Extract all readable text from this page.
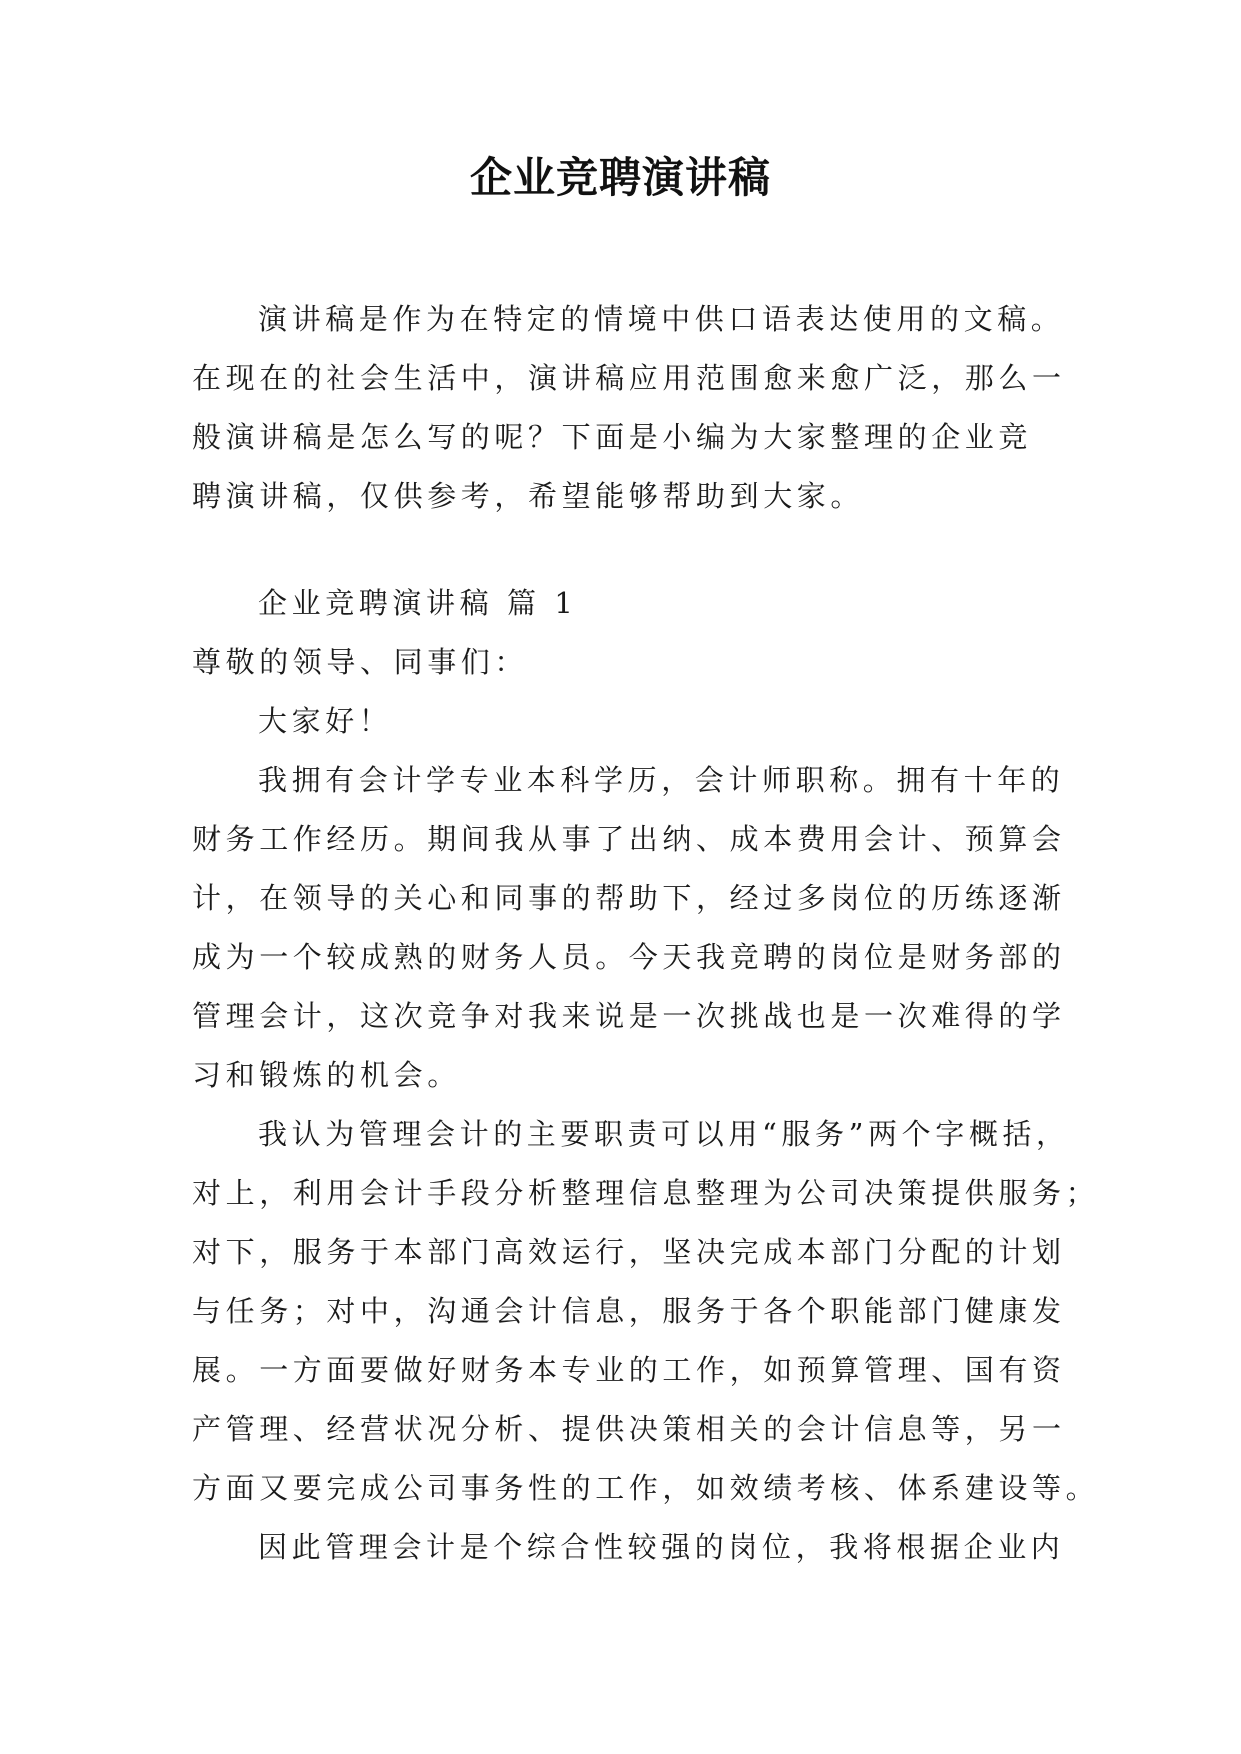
企业竞聘演讲稿
演讲稿是作为在特定的情境中供口语表达使用的文稿。
在现在的社会生活中，演讲稿应用范围愈来愈广泛，那么一
般演讲稿是怎么写的呢？下面是小编为大家整理的企业竞
聘演讲稿，仅供参考，希望能够帮助到大家。
企业竞聘演讲稿 篇 1
尊敬的领导、同事们：
大家好！
我拥有会计学专业本科学历，会计师职称。拥有十年的
财务工作经历。期间我从事了出纳、成本费用会计、预算会
计，在领导的关心和同事的帮助下，经过多岗位的历练逐渐
成为一个较成熟的财务人员。今天我竞聘的岗位是财务部的
管理会计，这次竞争对我来说是一次挑战也是一次难得的学
习和锻炼的机会。
我认为管理会计的主要职责可以用“服务”两个字概括，
对上，利用会计手段分析整理信息整理为公司决策提供服务；
对下，服务于本部门高效运行，坚决完成本部门分配的计划
与任务；对中，沟通会计信息，服务于各个职能部门健康发
展。一方面要做好财务本专业的工作，如预算管理、国有资
产管理、经营状况分析、提供决策相关的会计信息等，另一
方面又要完成公司事务性的工作，如效绩考核、体系建设等。
因此管理会计是个综合性较强的岗位，我将根据企业内
